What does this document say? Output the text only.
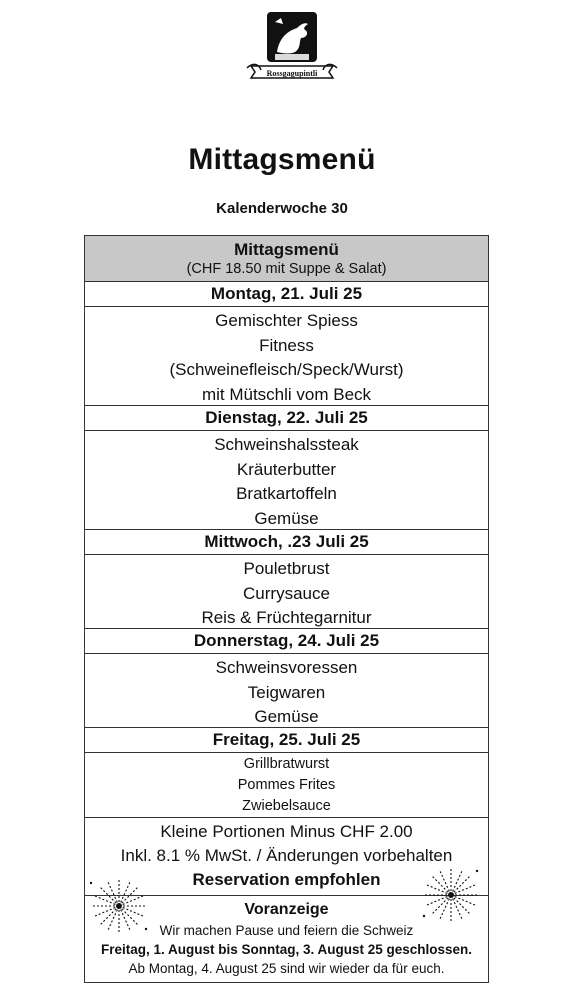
Rossgagupintli
Mittagsmenü
Kalenderwoche 30
Mittagsmenü
(CHF 18.50 mit Suppe & Salat)
Montag, 21. Juli 25
Gemischter Spiess
Fitness
(Schweinefleisch/Speck/Wurst)
mit Mütschli vom Beck
Dienstag, 22. Juli 25
Schweinshalssteak
Kräuterbutter
Bratkartoffeln
Gemüse
Mittwoch, .23 Juli 25
Pouletbrust
Currysauce
Reis & Früchtegarnitur
Donnerstag, 24. Juli 25
Schweinsvoressen
Teigwaren
Gemüse
Freitag, 25. Juli 25
Grillbratwurst
Pommes Frites
Zwiebelsauce
Kleine Portionen Minus CHF 2.00
Inkl. 8.1 % MwSt. / Änderungen vorbehalten
Reservation empfohlen
Voranzeige
Wir machen Pause und feiern die Schweiz
Freitag, 1. August bis Sonntag, 3. August 25 geschlossen.
Ab Montag, 4. August 25 sind wir wieder da für euch.
